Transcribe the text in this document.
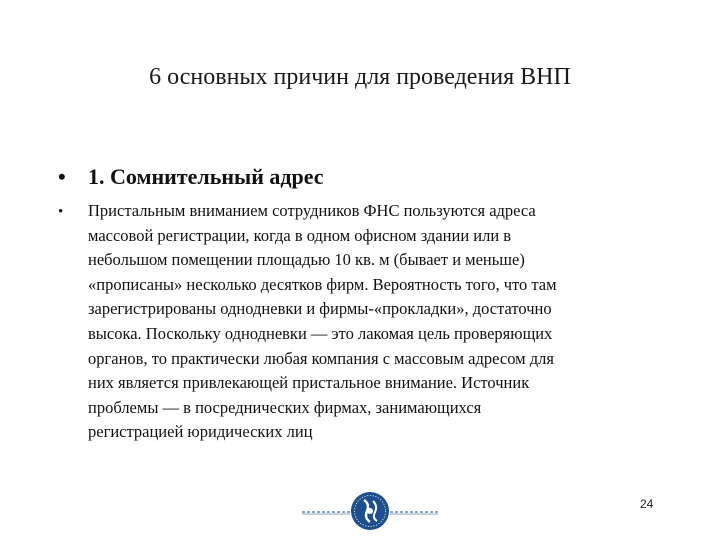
6 основных причин для проведения ВНП
• 1. Сомнительный адрес
• Пристальным вниманием сотрудников ФНС пользуются адреса
массовой регистрации, когда в одном офисном здании или в
небольшом помещении площадью 10 кв. м (бывает и меньше)
«прописаны» несколько десятков фирм. Вероятность того, что там
зарегистрированы однодневки и фирмы-«прокладки», достаточно
высока. Поскольку однодневки — это лакомая цель проверяющих
органов, то практически любая компания с массовым адресом для
них является привлекающей пристальное внимание. Источник
проблемы — в посреднических фирмах, занимающихся
регистрацией юридических лиц
24
